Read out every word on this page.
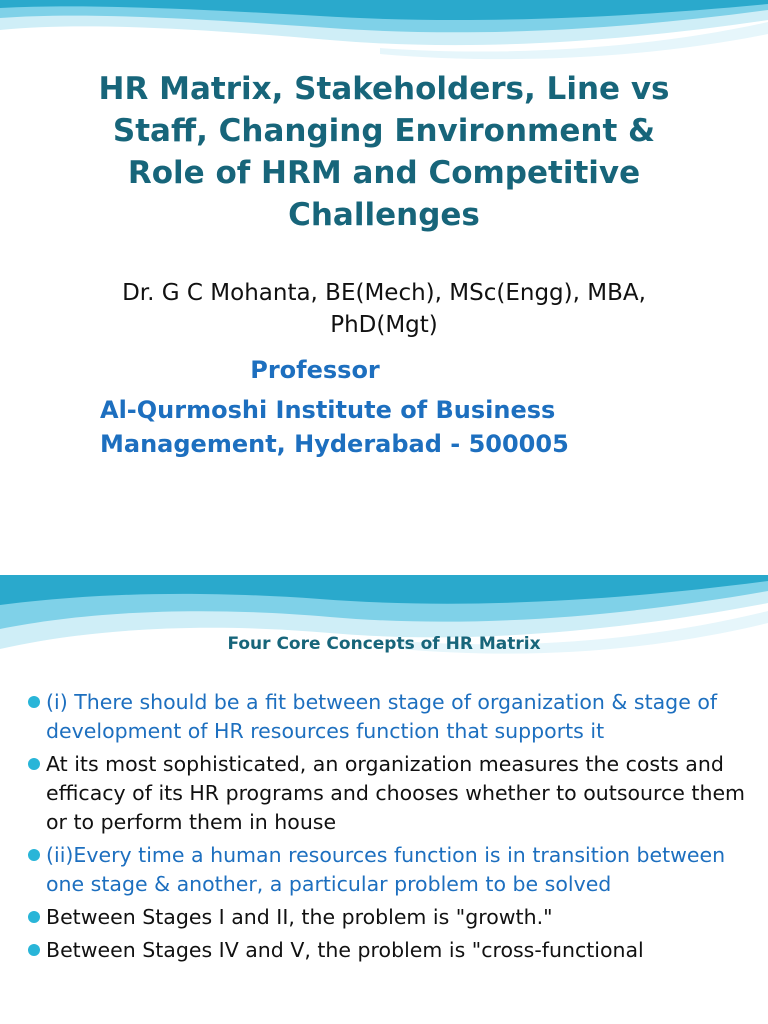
HR Matrix, Stakeholders, Line vs
Staff, Changing Environment &
Role of HRM and Competitive
Challenges
Dr. G C Mohanta, BE(Mech), MSc(Engg), MBA,
PhD(Mgt)
Professor
Al-Qurmoshi Institute of Business
Management, Hyderabad - 500005
Four Core Concepts of HR Matrix
(i) There should be a fit between stage of organization & stage of development of HR resources function that supports it
At its most sophisticated, an organization measures the costs and efficacy of its HR programs and chooses whether to outsource them or to perform them in house
(ii)Every time a human resources function is in transition between one stage & another, a particular problem to be solved
Between Stages I and II, the problem is "growth."
Between Stages IV and V, the problem is "cross-functional
